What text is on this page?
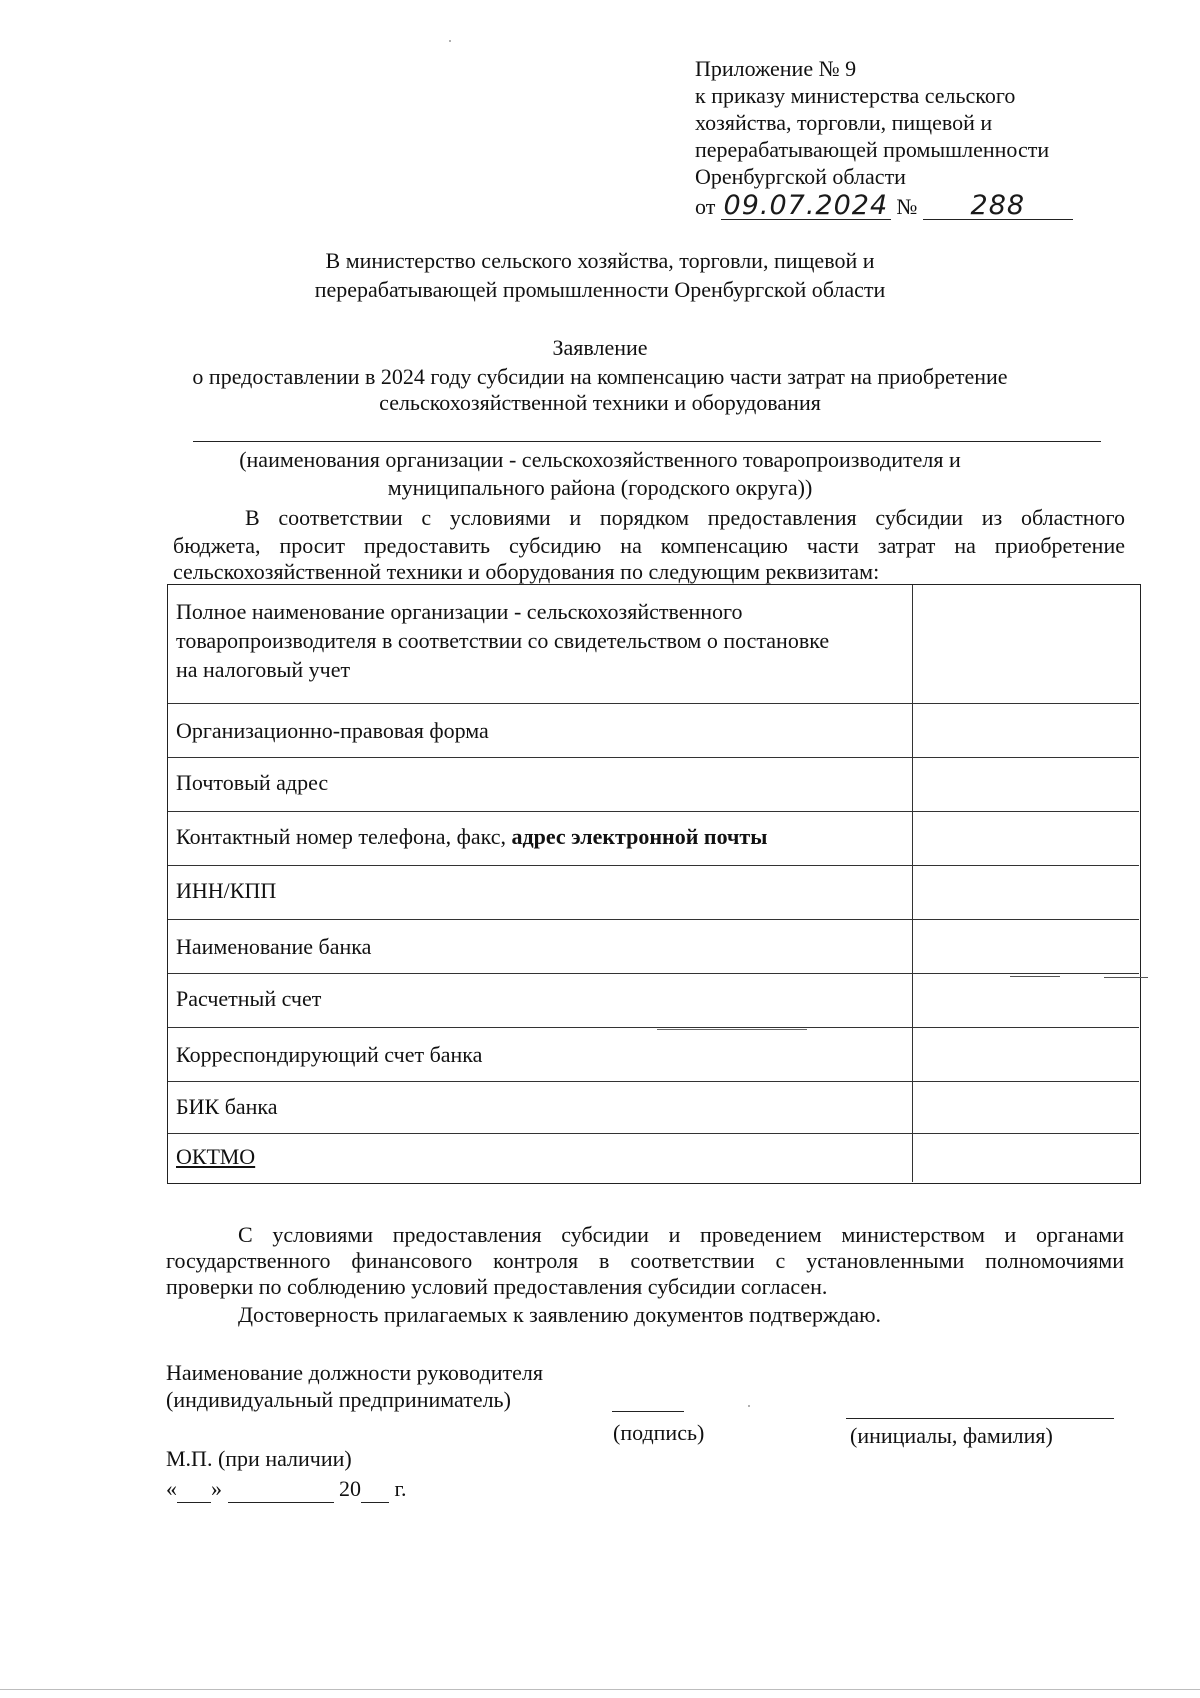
Приложение № 9
к приказу министерства сельского
хозяйства, торговли, пищевой и
перерабатывающей промышленности
Оренбургской области
от 09.07.2024 № 288
В министерство сельского хозяйства, торговли, пищевой и
перерабатывающей промышленности Оренбургской области
Заявление
о предоставлении в 2024 году субсидии на компенсацию части затрат на приобретение
сельскохозяйственной техники и оборудования
(наименования организации - сельскохозяйственного товаропроизводителя и
муниципального района (городского округа))
В соответствии с условиями и порядком предоставления субсидии из областного
бюджета, просит предоставить субсидию на компенсацию части затрат на приобретение
сельскохозяйственной техники и оборудования по следующим реквизитам:
Полное наименование организации - сельскохозяйственного
товаропроизводителя в соответствии со свидетельством о постановке
на налоговый учет
Организационно-правовая форма
Почтовый адрес
Контактный номер телефона, факс, адрес электронной почты
ИНН/КПП
Наименование банка
Расчетный счет
Корреспондирующий счет банка
БИК банка
ОКТМО
С условиями предоставления субсидии и проведением министерством и органами
государственного финансового контроля в соответствии с установленными полномочиями
проверки по соблюдению условий предоставления субсидии согласен.
Достоверность прилагаемых к заявлению документов подтверждаю.
Наименование должности руководителя
(индивидуальный предприниматель)
(подпись)	(инициалы, фамилия)
М.П. (при наличии)
« »	20 г.
